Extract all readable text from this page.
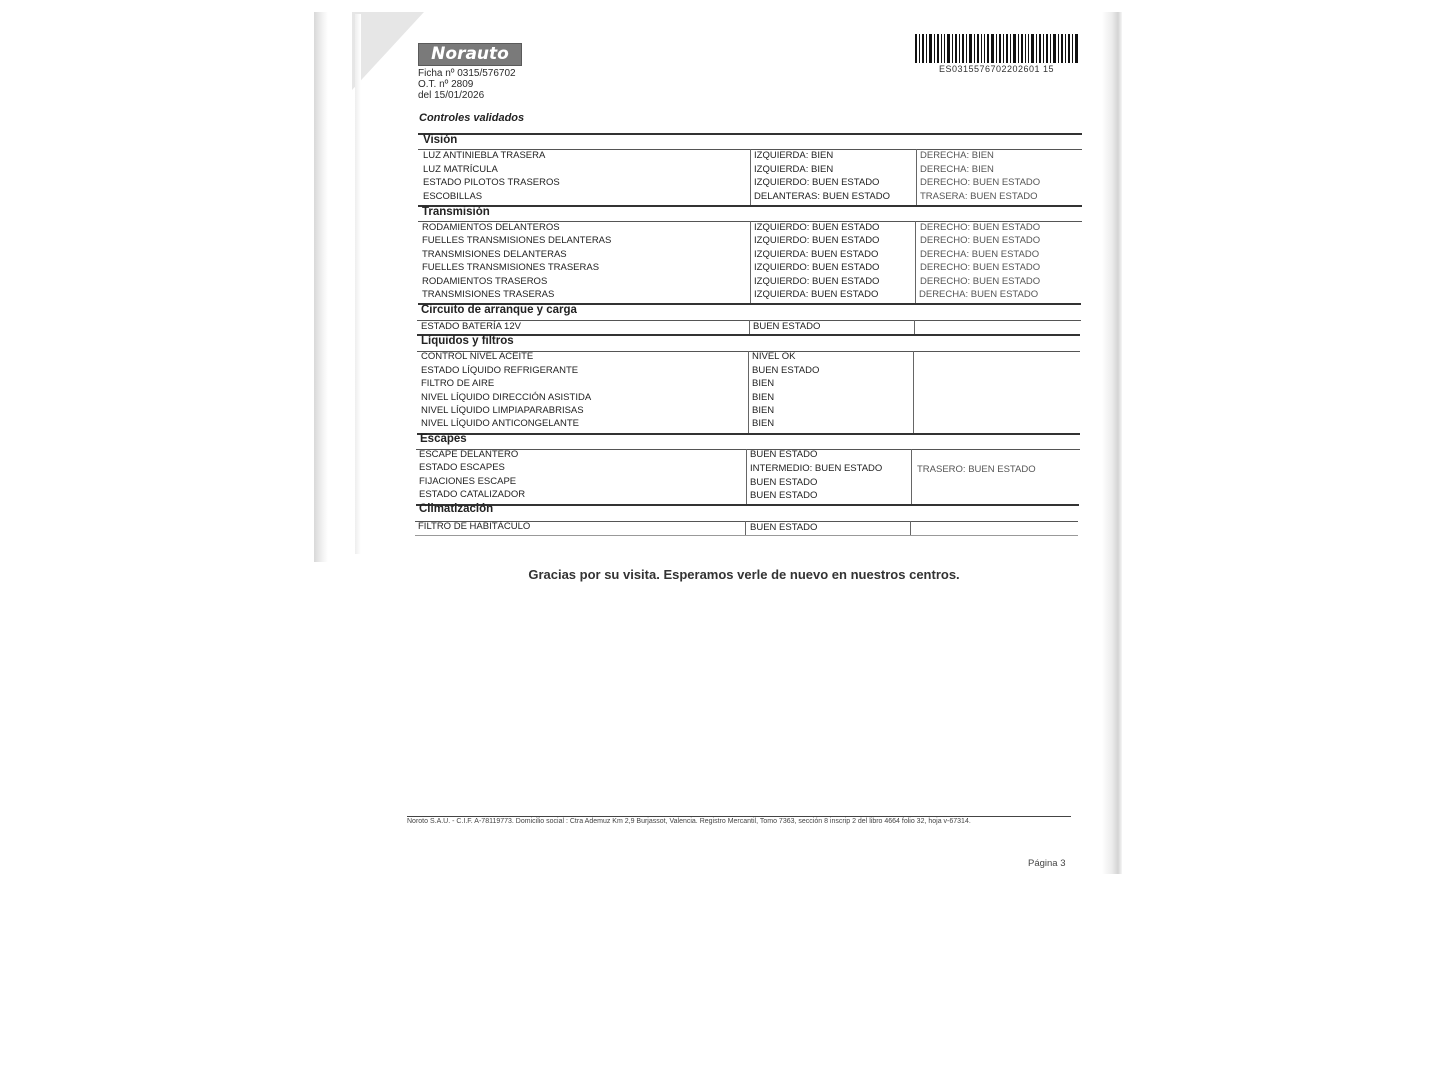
Norauto
Ficha nº 0315/576702
O.T. nº 2809
del 15/01/2026
ES0315576702202601 15
Controles validados
Visión
LUZ ANTINIEBLA TRASERA	IZQUIERDA: BIEN	DERECHA: BIEN
LUZ MATRÍCULA	IZQUIERDA: BIEN	DERECHA: BIEN
ESTADO PILOTOS TRASEROS	IZQUIERDO: BUEN ESTADO	DERECHO: BUEN ESTADO
ESCOBILLAS	DELANTERAS: BUEN ESTADO	TRASERA: BUEN ESTADO
Transmisión
RODAMIENTOS DELANTEROS	IZQUIERDO: BUEN ESTADO	DERECHO: BUEN ESTADO
FUELLES TRANSMISIONES DELANTERAS	IZQUIERDO: BUEN ESTADO	DERECHO: BUEN ESTADO
TRANSMISIONES DELANTERAS	IZQUIERDA: BUEN ESTADO	DERECHA: BUEN ESTADO
FUELLES TRANSMISIONES TRASERAS	IZQUIERDO: BUEN ESTADO	DERECHO: BUEN ESTADO
RODAMIENTOS TRASEROS	IZQUIERDO: BUEN ESTADO	DERECHO: BUEN ESTADO
TRANSMISIONES TRASERAS	IZQUIERDA: BUEN ESTADO	DERECHA: BUEN ESTADO
Circuito de arranque y carga
ESTADO BATERÍA 12V	BUEN ESTADO
Líquidos y filtros
CONTROL NIVEL ACEITE	NIVEL OK
ESTADO LÍQUIDO REFRIGERANTE	BUEN ESTADO
FILTRO DE AIRE	BIEN
NIVEL LÍQUIDO DIRECCIÓN ASISTIDA	BIEN
NIVEL LÍQUIDO LIMPIAPARABRISAS	BIEN
NIVEL LÍQUIDO ANTICONGELANTE	BIEN
Escapes
ESCAPE DELANTERO	BUEN ESTADO
ESTADO ESCAPES	INTERMEDIO: BUEN ESTADO	TRASERO: BUEN ESTADO
FIJACIONES ESCAPE	BUEN ESTADO
ESTADO CATALIZADOR	BUEN ESTADO
Climatización
FILTRO DE HABITÁCULO	BUEN ESTADO
Gracias por su visita. Esperamos verle de nuevo en nuestros centros.
Noroto S.A.U. - C.I.F. A-78119773. Domicilio social : Ctra Ademuz Km 2,9 Burjassot, Valencia. Registro Mercantil, Tomo 7363, sección 8 inscrip 2 del libro 4664 folio 32, hoja v-67314.
Página 3
